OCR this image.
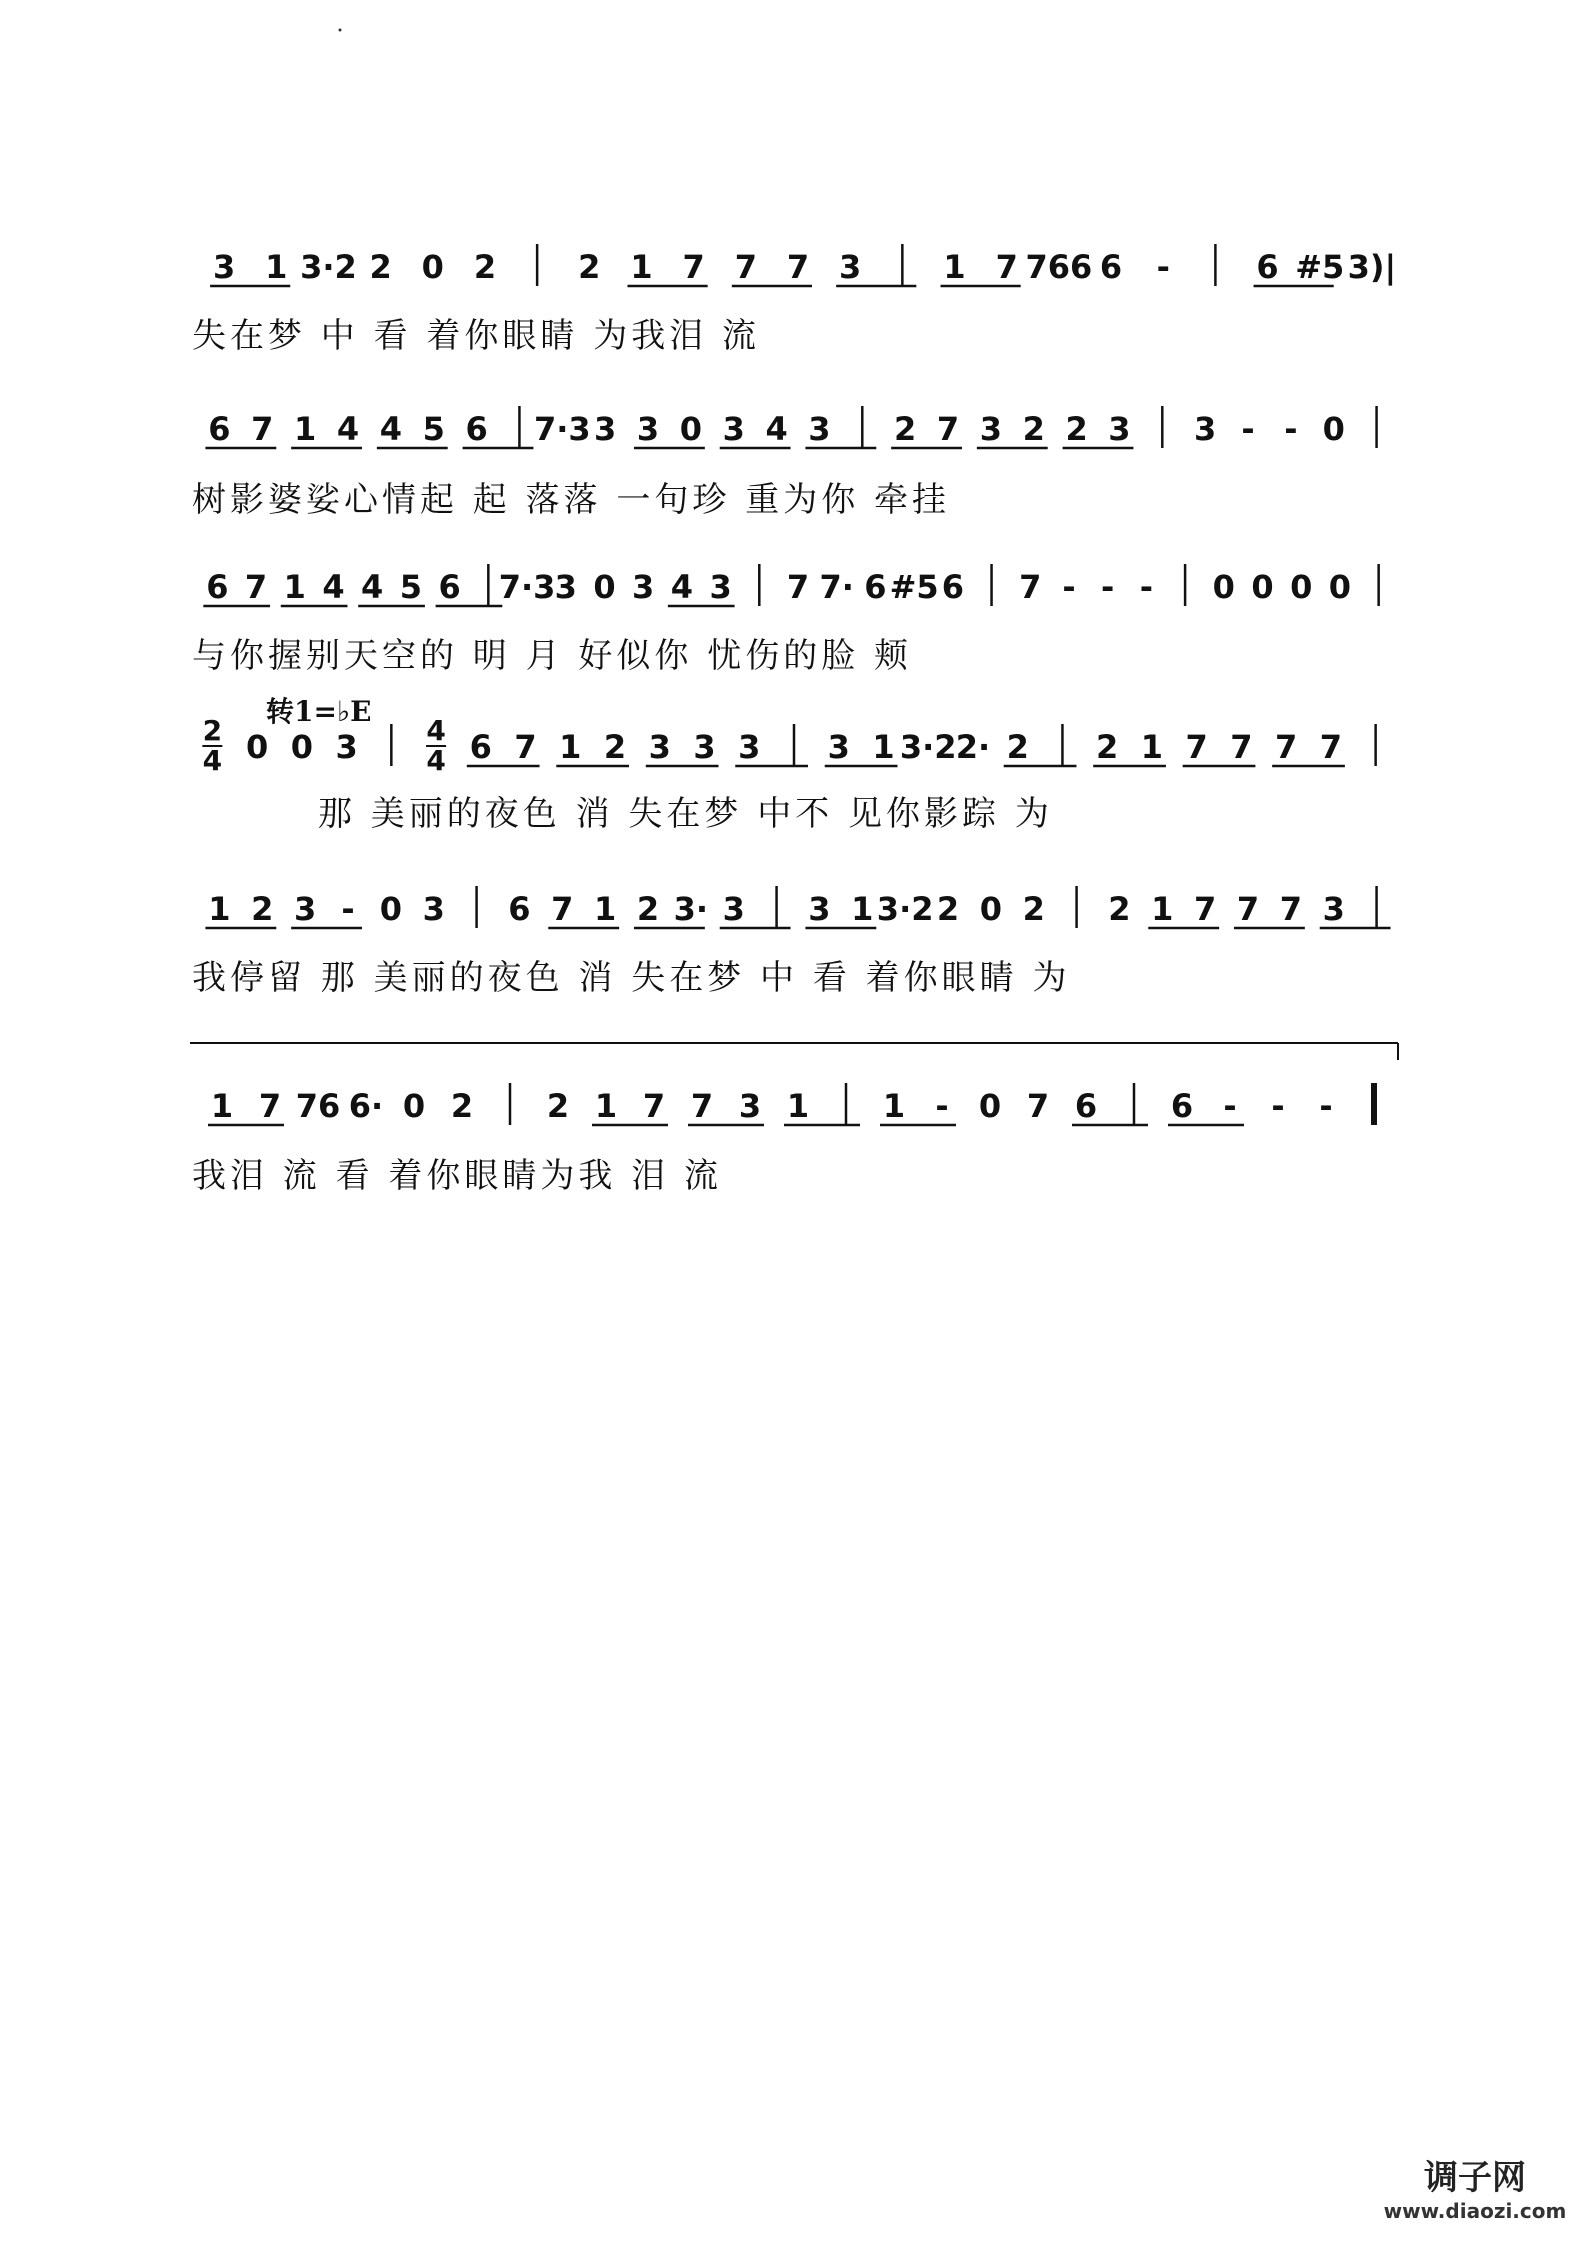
3 1 3·2 2 0 2	2 1 7 7 7 3	1 7 766 6 -	6 #5 3)|
6 7 1 4 4 5 6 7·3 3 3 0 3 4 3 2 7 3 2 2 3 3 - - 0
6 7 1 4 4 5 6 7·3 3 0 3 4 3 7 7· 6 #5 6 7 - - - 0 0 0 0
2
4 0 0 3 4
4 6 7 1 2 3 3 3 3 1 3·2 2· 2 2 1 7 7 7 7
1 2 3 - 0 3 6 7 1 2 3· 3 3 1 3·2 2 0 2 2 1 7 7 7 3
1 7 76 6· 0 2 2 1 7 7 3 1 1 - 0 7 6 6 - - -
失在梦 中 看 着你眼睛 为我泪 流
树影婆娑心情起 起 落落 一句珍 重为你 牵挂
与你握别天空的 明 月 好似你 忧伤的脸 颊
那 美丽的夜色 消 失在梦 中不 见你影踪 为
我停留 那 美丽的夜色 消 失在梦 中 看 着你眼睛 为
我泪 流 看 着你眼睛为我 泪 流
转1=♭E
调子网
www.diaozi.com
